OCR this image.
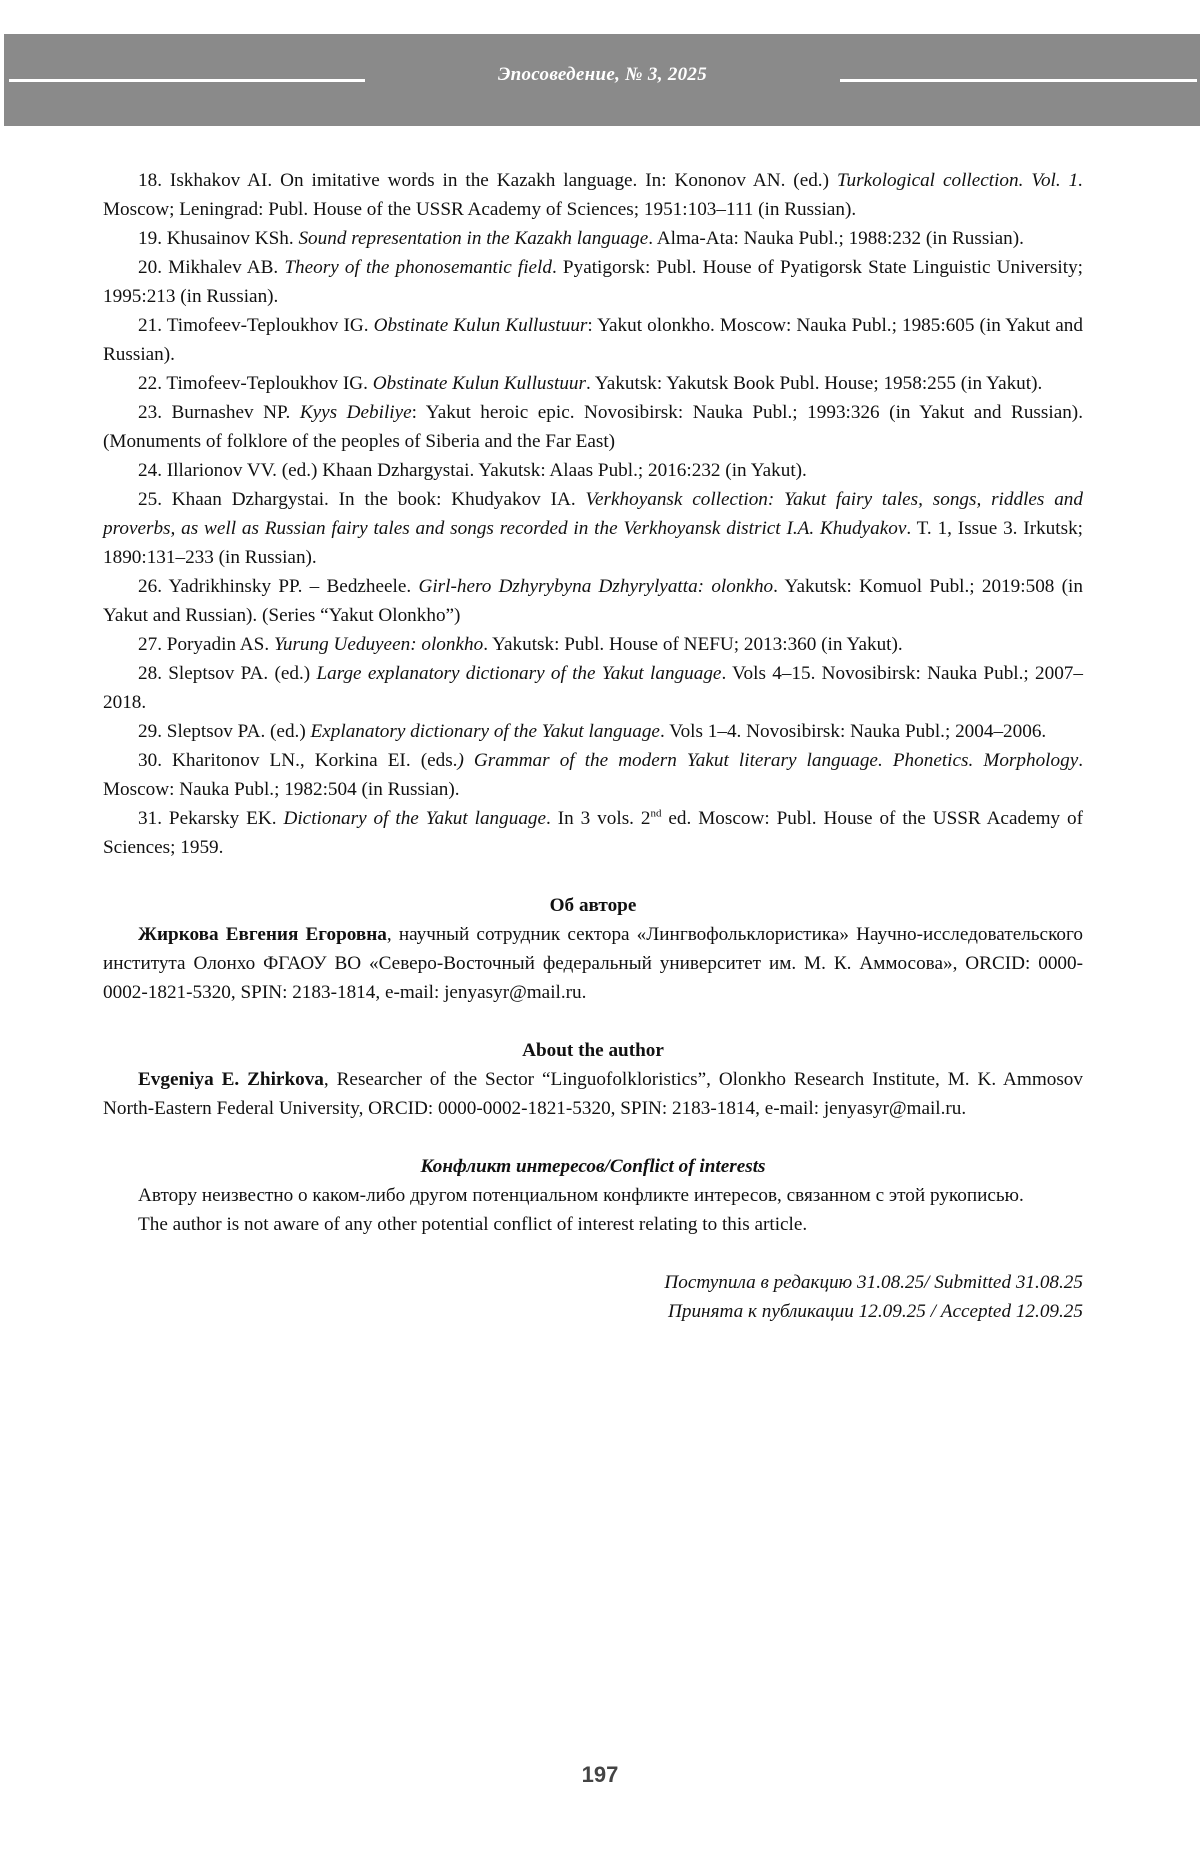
Эпосоведение, № 3, 2025

18. Iskhakov AI. On imitative words in the Kazakh language. In: Kononov AN. (ed.) Turkological collection. Vol. 1. Moscow; Leningrad: Publ. House of the USSR Academy of Sciences; 1951:103–111 (in Russian).

19. Khusainov KSh. Sound representation in the Kazakh language. Alma-Ata: Nauka Publ.; 1988:232 (in Russian).

20. Mikhalev AB. Theory of the phonosemantic field. Pyatigorsk: Publ. House of Pyatigorsk State Linguistic University; 1995:213 (in Russian).

21. Timofeev-Teploukhov IG. Obstinate Kulun Kullustuur: Yakut olonkho. Moscow: Nauka Publ.; 1985:605 (in Yakut and Russian).

22. Timofeev-Teploukhov IG. Obstinate Kulun Kullustuur. Yakutsk: Yakutsk Book Publ. House; 1958:255 (in Yakut).

23. Burnashev NP. Kyys Debiliye: Yakut heroic epic. Novosibirsk: Nauka Publ.; 1993:326 (in Yakut and Russian). (Monuments of folklore of the peoples of Siberia and the Far East)

24. Illarionov VV. (ed.) Khaan Dzhargystai. Yakutsk: Alaas Publ.; 2016:232 (in Yakut).

25. Khaan Dzhargystai. In the book: Khudyakov IA. Verkhoyansk collection: Yakut fairy tales, songs, riddles and proverbs, as well as Russian fairy tales and songs recorded in the Verkhoyansk district I.A. Khudyakov. T. 1, Issue 3. Irkutsk; 1890:131–233 (in Russian).

26. Yadrikhinsky PP. – Bedzheele. Girl-hero Dzhyrybyna Dzhyrylyatta: olonkho. Yakutsk: Komuol Publ.; 2019:508 (in Yakut and Russian). (Series “Yakut Olonkho”)

27. Poryadin AS. Yurung Ueduyeen: olonkho. Yakutsk: Publ. House of NEFU; 2013:360 (in Yakut).

28. Sleptsov PA. (ed.) Large explanatory dictionary of the Yakut language. Vols 4–15. Novosibirsk: Nauka Publ.; 2007–2018.

29. Sleptsov PA. (ed.) Explanatory dictionary of the Yakut language. Vols 1–4. Novosibirsk: Nauka Publ.; 2004–2006.

30. Kharitonov LN., Korkina EI. (eds.) Grammar of the modern Yakut literary language. Phonetics. Morphology. Moscow: Nauka Publ.; 1982:504 (in Russian).

31. Pekarsky EK. Dictionary of the Yakut language. In 3 vols. 2nd ed. Moscow: Publ. House of the USSR Academy of Sciences; 1959.

Об авторе

Жиркова Евгения Егоровна, научный сотрудник сектора «Лингвофольклористика» Научно-исследовательского института Олонхо ФГАОУ ВО «Северо-Восточный федеральный университет им. М. К. Аммосова», ORCID: 0000-0002-1821-5320, SPIN: 2183-1814, e-mail: jenyasyr@mail.ru.

About the author

Evgeniya E. Zhirkova, Researcher of the Sector “Linguofolkloristics”, Olonkho Research Institute, M. K. Ammosov North-Eastern Federal University, ORCID: 0000-0002-1821-5320, SPIN: 2183-1814, e-mail: jenyasyr@mail.ru.

Конфликт интересов/Conflict of interests

Автору неизвестно о каком-либо другом потенциальном конфликте интересов, связанном с этой рукописью.

The author is not aware of any other potential conflict of interest relating to this article.

Поступила в редакцию 31.08.25/ Submitted 31.08.25

Принята к публикации 12.09.25 / Accepted 12.09.25

197
